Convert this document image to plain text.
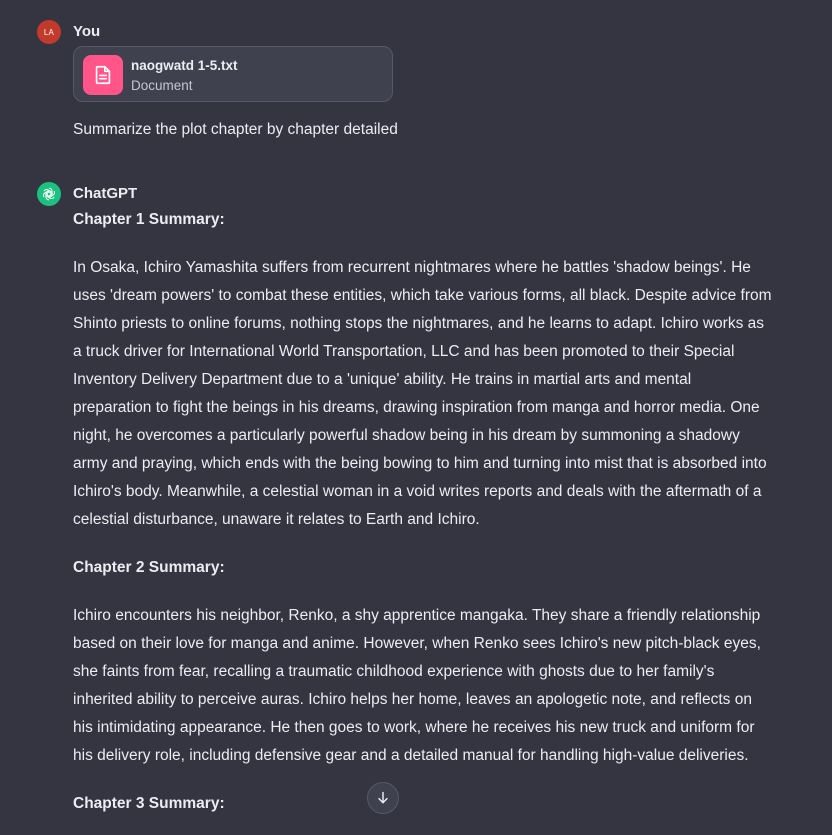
LA You
naogwatd 1-5.txt
Document
Summarize the plot chapter by chapter detailed
ChatGPT
Chapter 1 Summary:

In Osaka, Ichiro Yamashita suffers from recurrent nightmares where he battles 'shadow beings'. He uses 'dream powers' to combat these entities, which take various forms, all black. Despite advice from Shinto priests to online forums, nothing stops the nightmares, and he learns to adapt. Ichiro works as a truck driver for International World Transportation, LLC and has been promoted to their Special Inventory Delivery Department due to a 'unique' ability. He trains in martial arts and mental preparation to fight the beings in his dreams, drawing inspiration from manga and horror media. One night, he overcomes a particularly powerful shadow being in his dream by summoning a shadowy army and praying, which ends with the being bowing to him and turning into mist that is absorbed into Ichiro's body. Meanwhile, a celestial woman in a void writes reports and deals with the aftermath of a celestial disturbance, unaware it relates to Earth and Ichiro.

Chapter 2 Summary:

Ichiro encounters his neighbor, Renko, a shy apprentice mangaka. They share a friendly relationship based on their love for manga and anime. However, when Renko sees Ichiro's new pitch-black eyes, she faints from fear, recalling a traumatic childhood experience with ghosts due to her family's inherited ability to perceive auras. Ichiro helps her home, leaves an apologetic note, and reflects on his intimidating appearance. He then goes to work, where he receives his new truck and uniform for his delivery role, including defensive gear and a detailed manual for handling high-value deliveries.

Chapter 3 Summary:
